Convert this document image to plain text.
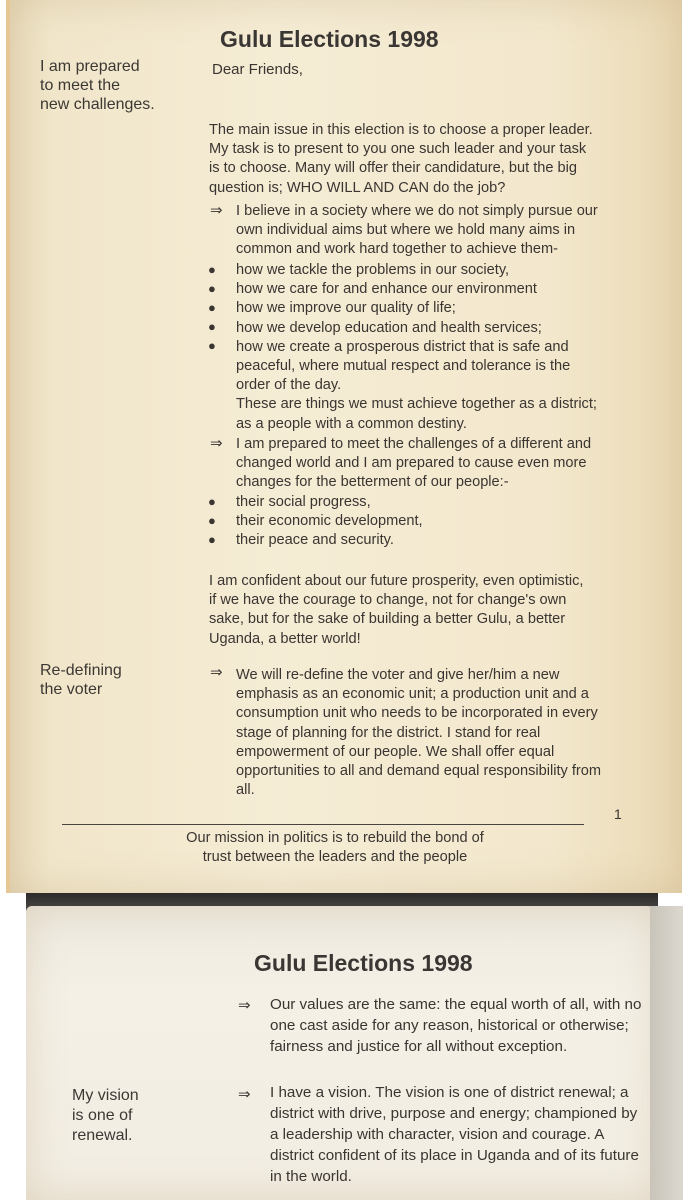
Gulu Elections 1998
I am prepared
to meet the
new challenges.
Dear Friends,
The main issue in this election is to choose a proper leader.
My task is to present to you one such leader and your task
is to choose. Many will offer their candidature, but the big
question is; WHO WILL AND CAN do the job?
⇒ I believe in a society where we do not simply pursue our
own individual aims but where we hold many aims in
common and work hard together to achieve them-
●
●
●
●
●
how we tackle the problems in our society,
how we care for and enhance our environment
how we improve our quality of life;
how we develop education and health services;
how we create a prosperous district that is safe and
peaceful, where mutual respect and tolerance is the
order of the day.
These are things we must achieve together as a district;
as a people with a common destiny.
⇒ I am prepared to meet the challenges of a different and
changed world and I am prepared to cause even more
changes for the betterment of our people:-
●
●
●
their social progress,
their economic development,
their peace and security.
I am confident about our future prosperity, even optimistic,
if we have the courage to change, not for change's own
sake, but for the sake of building a better Gulu, a better
Uganda, a better world!
Re-defining
the voter
⇒ We will re-define the voter and give her/him a new
emphasis as an economic unit; a production unit and a
consumption unit who needs to be incorporated in every
stage of planning for the district. I stand for real
empowerment of our people. We shall offer equal
opportunities to all and demand equal responsibility from
all.
1
Our mission in politics is to rebuild the bond of
trust between the leaders and the people
Gulu Elections 1998
⇒ Our values are the same: the equal worth of all, with no
one cast aside for any reason, historical or otherwise;
fairness and justice for all without exception.
My vision
is one of
renewal.
⇒ I have a vision. The vision is one of district renewal; a
district with drive, purpose and energy; championed by
a leadership with character, vision and courage. A
district confident of its place in Uganda and of its future
in the world.
